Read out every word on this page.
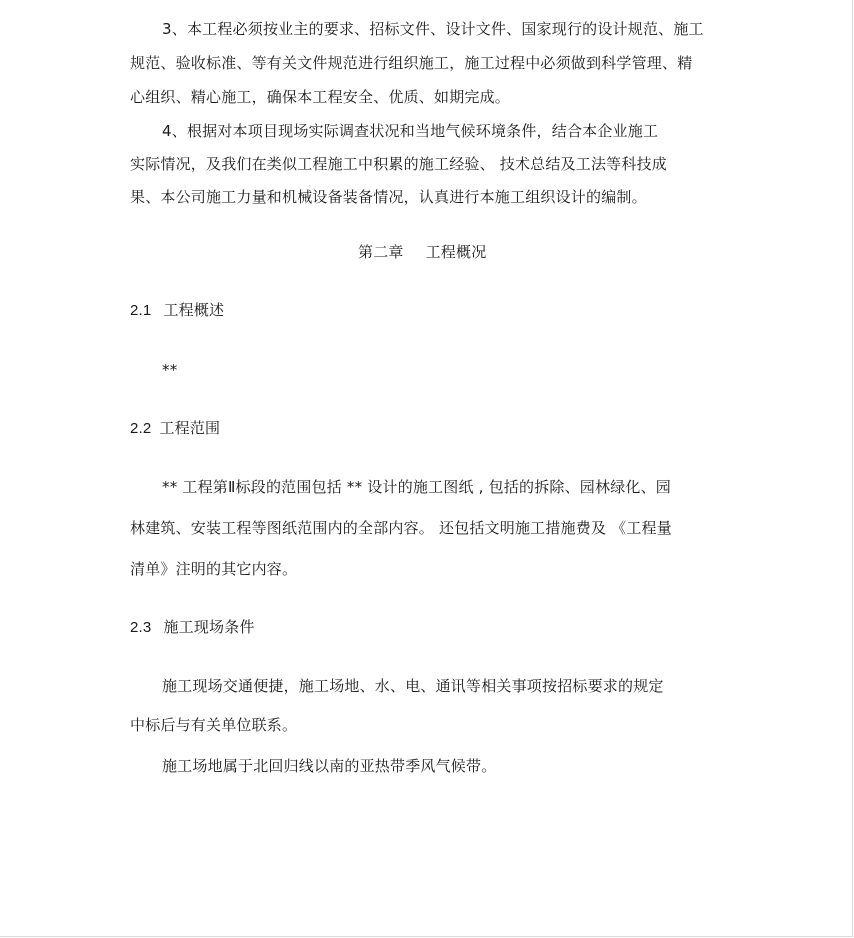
3、本工程必须按业主的要求、招标文件、设计文件、国家现行的设计规范、施工
规范、验收标准、等有关文件规范进行组织施工，施工过程中必须做到科学管理、精
心组织、精心施工，确保本工程安全、优质、如期完成。
4、根据对本项目现场实际调查状况和当地气候环境条件，结合本企业施工
实际情况，及我们在类似工程施工中积累的施工经验、 技术总结及工法等科技成
果、本公司施工力量和机械设备装备情况，认真进行本施工组织设计的编制。
第二章 工程概况
2.1 工程概述
**
2.2 工程范围
** 工程第Ⅱ标段的范围包括 ** 设计的施工图纸 , 包括的拆除、园林绿化、园
林建筑、安装工程等图纸范围内的全部内容。 还包括文明施工措施费及 《工程量
清单》注明的其它内容。
2.3 施工现场条件
施工现场交通便捷，施工场地、水、电、通讯等相关事项按招标要求的规定
中标后与有关单位联系。
施工场地属于北回归线以南的亚热带季风气候带。
